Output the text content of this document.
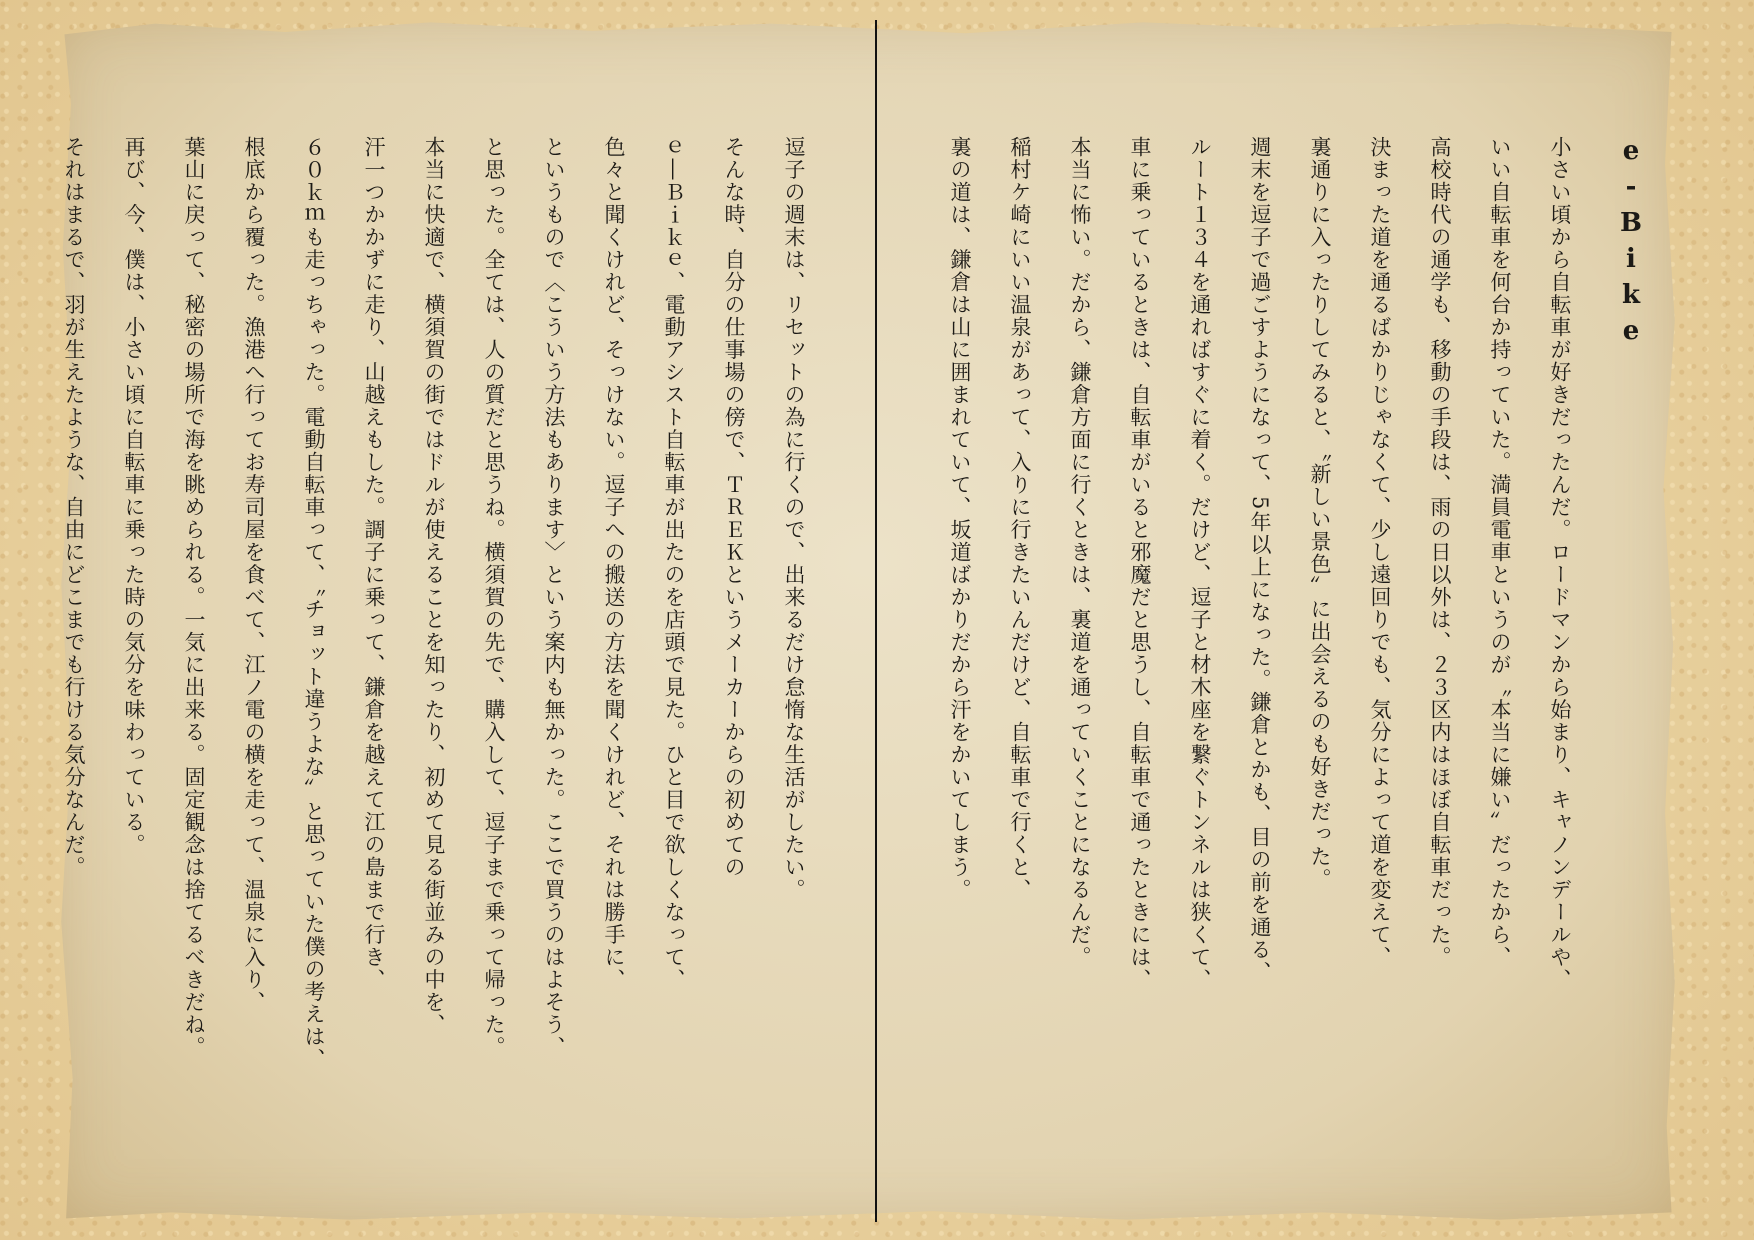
e-Bike
小さい頃から自転車が好きだったんだ。ロードマンから始まり、キャノンデールや、
いい自転車を何台か持っていた。満員電車というのが〝本当に嫌い〟だったから、
高校時代の通学も、移動の手段は、雨の日以外は、２３区内はほぼ自転車だった。
決まった道を通るばかりじゃなくて、少し遠回りでも、気分によって道を変えて、
裏通りに入ったりしてみると、〝新しい景色〟に出会えるのも好きだった。
週末を逗子で過ごすようになって、5年以上になった。鎌倉とかも、目の前を通る、
ルート１３４を通ればすぐに着く。だけど、逗子と材木座を繋ぐトンネルは狭くて、
車に乗っているときは、自転車がいると邪魔だと思うし、自転車で通ったときには、
本当に怖い。だから、鎌倉方面に行くときは、裏道を通っていくことになるんだ。
稲村ケ崎にいい温泉があって、入りに行きたいんだけど、自転車で行くと、
裏の道は、鎌倉は山に囲まれていて、坂道ばかりだから汗をかいてしまう。
逗子の週末は、リセットの為に行くので、出来るだけ怠惰な生活がしたい。
そんな時、自分の仕事場の傍で、ＴＲＥＫというメーカーからの初めての
ｅ―Ｂｉｋｅ、電動アシスト自転車が出たのを店頭で見た。ひと目で欲しくなって、
色々と聞くけれど、そっけない。逗子への搬送の方法を聞くけれど、それは勝手に、
というもので〈こういう方法もあります〉という案内も無かった。ここで買うのはよそう、
と思った。全ては、人の質だと思うね。横須賀の先で、購入して、逗子まで乗って帰った。
本当に快適で、横須賀の街ではドルが使えることを知ったり、初めて見る街並みの中を、
汗一つかかずに走り、山越えもした。調子に乗って、鎌倉を越えて江の島まで行き、
６０ｋｍも走っちゃった。電動自転車って、〝チョット違うよな〟と思っていた僕の考えは、
根底から覆った。漁港へ行ってお寿司屋を食べて、江ノ電の横を走って、温泉に入り、
葉山に戻って、秘密の場所で海を眺められる。一気に出来る。固定観念は捨てるべきだね。
再び、今、僕は、小さい頃に自転車に乗った時の気分を味わっている。
それはまるで、羽が生えたような、自由にどこまでも行ける気分なんだ。
